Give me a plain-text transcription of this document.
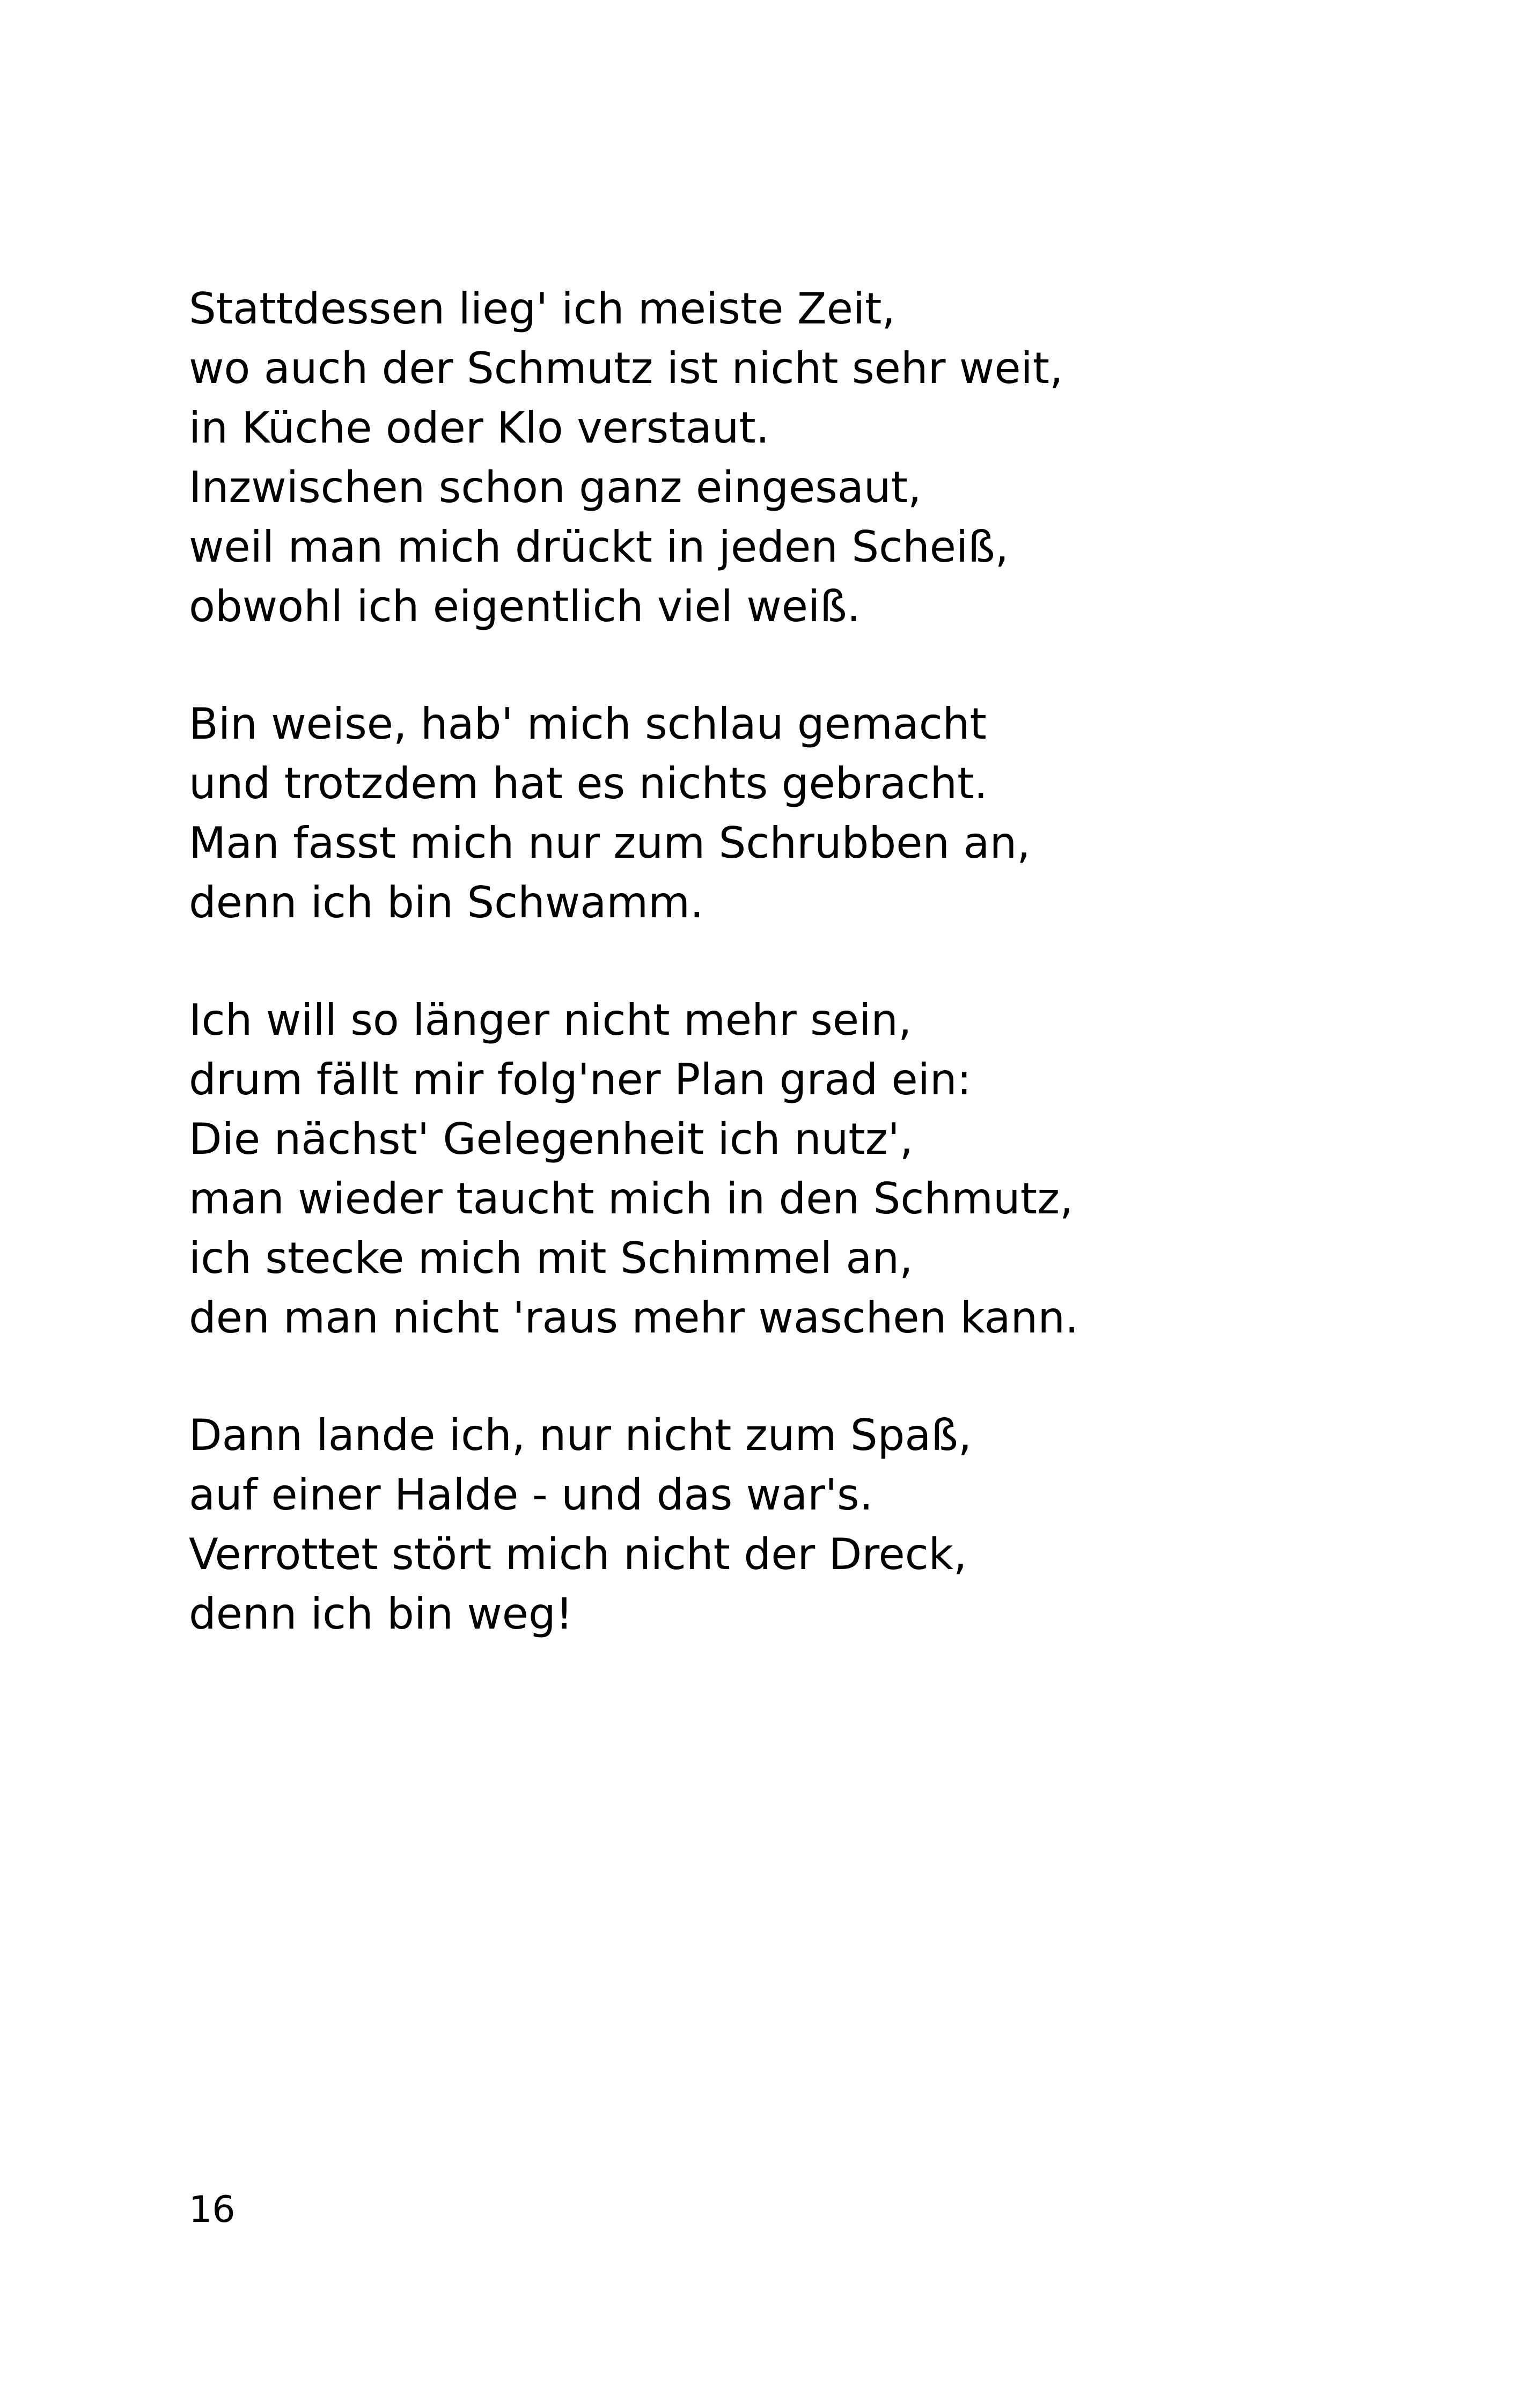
Stattdessen lieg' ich meiste Zeit,
wo auch der Schmutz ist nicht sehr weit,
in Küche oder Klo verstaut.
Inzwischen schon ganz eingesaut,
weil man mich drückt in jeden Scheiß,
obwohl ich eigentlich viel weiß.
Bin weise, hab' mich schlau gemacht
und trotzdem hat es nichts gebracht.
Man fasst mich nur zum Schrubben an,
denn ich bin Schwamm.
Ich will so länger nicht mehr sein,
drum fällt mir folg'ner Plan grad ein:
Die nächst' Gelegenheit ich nutz',
man wieder taucht mich in den Schmutz,
ich stecke mich mit Schimmel an,
den man nicht 'raus mehr waschen kann.
Dann lande ich, nur nicht zum Spaß,
auf einer Halde - und das war's.
Verrottet stört mich nicht der Dreck,
denn ich bin weg!
16
